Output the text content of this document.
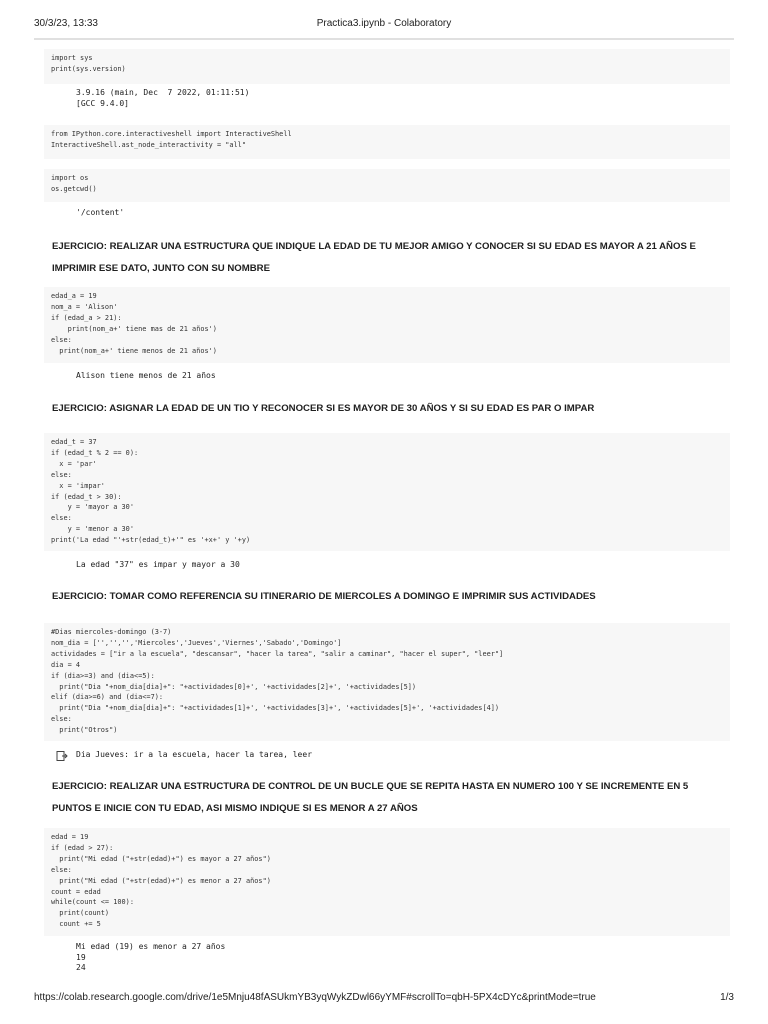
30/3/23, 13:33	Practica3.ipynb - Colaboratory
import sys
print(sys.version)
3.9.16 (main, Dec  7 2022, 01:11:51)
[GCC 9.4.0]
from IPython.core.interactiveshell import InteractiveShell
InteractiveShell.ast_node_interactivity = "all"
import os
os.getcwd()
'/content'
EJERCICIO: REALIZAR UNA ESTRUCTURA QUE INDIQUE LA EDAD DE TU MEJOR AMIGO Y CONOCER SI SU EDAD ES MAYOR A 21 AÑOS E IMPRIMIR ESE DATO, JUNTO CON SU NOMBRE
edad_a = 19
nom_a = 'Alison'
if (edad_a > 21):
print(nom_a+' tiene mas de 21 años')
else:
print(nom_a+' tiene menos de 21 años')
Alison tiene menos de 21 años
EJERCICIO: ASIGNAR LA EDAD DE UN TIO Y RECONOCER SI ES MAYOR DE 30 AÑOS Y SI SU EDAD ES PAR O IMPAR
edad_t = 37
if (edad_t % 2 == 0):
x = 'par'
else:
x = 'impar'
if (edad_t > 30):
y = 'mayor a 30'
else:
y = 'menor a 30'
print('La edad "'+str(edad_t)+'" es '+x+' y '+y)
La edad "37" es impar y mayor a 30
EJERCICIO: TOMAR COMO REFERENCIA SU ITINERARIO DE MIERCOLES A DOMINGO E IMPRIMIR SUS ACTIVIDADES
#Dias miercoles-domingo (3-7)
nom_dia = ['','','','Miercoles','Jueves','Viernes','Sabado','Domingo']
actividades = ["ir a la escuela", "descansar", "hacer la tarea", "salir a caminar", "hacer el super", "leer"]
dia = 4
if (dia>=3) and (dia<=5):
print("Dia "+nom_dia[dia]+": "+actividades[0]+', '+actividades[2]+', '+actividades[5])
elif (dia>=6) and (dia<=7):
print("Dia "+nom_dia[dia]+": "+actividades[1]+', '+actividades[3]+', '+actividades[5]+', '+actividades[4])
else:
print("Otros")
Dia Jueves: ir a la escuela, hacer la tarea, leer
EJERCICIO: REALIZAR UNA ESTRUCTURA DE CONTROL DE UN BUCLE QUE SE REPITA HASTA EN NUMERO 100 Y SE INCREMENTE EN 5 PUNTOS E INICIE CON TU EDAD, ASI MISMO INDIQUE SI ES MENOR A 27 AÑOS
edad = 19
if (edad > 27):
print("Mi edad ("+str(edad)+") es mayor a 27 años")
else:
print("Mi edad ("+str(edad)+") es menor a 27 años")
count = edad
while(count <= 100):
print(count)
count += 5
Mi edad (19) es menor a 27 años
19
24
https://colab.research.google.com/drive/1e5Mnju48fASUkmYB3yqWykZDwl66yYMF#scrollTo=qbH-5PX4cDYc&printMode=true	1/3
